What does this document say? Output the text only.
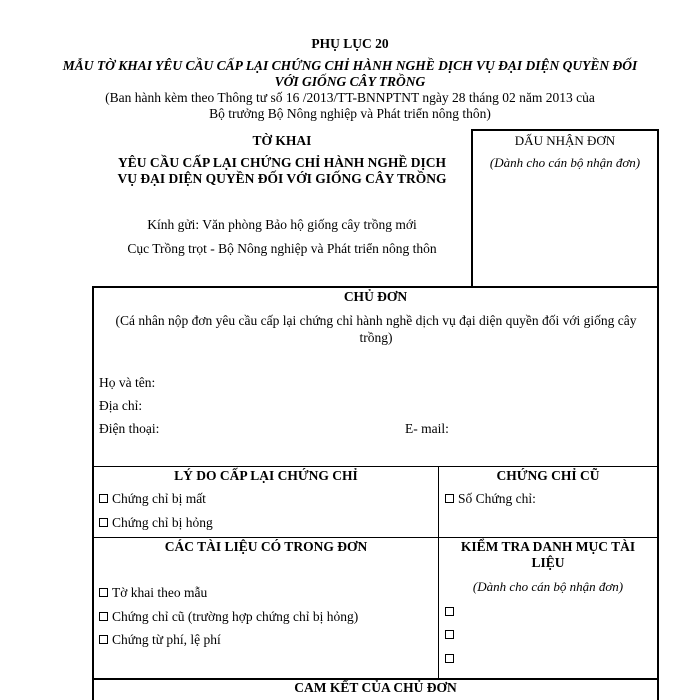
PHỤ LỤC 20
MẪU TỜ KHAI YÊU CẦU CẤP LẠI CHỨNG CHỈ HÀNH NGHỀ DỊCH VỤ ĐẠI DIỆN QUYỀN ĐỐI VỚI GIỐNG CÂY TRỒNG
(Ban hành kèm theo Thông tư số 16 /2013/TT-BNNPTNT ngày 28 tháng 02 năm 2013 của
Bộ trưởng Bộ Nông nghiệp và Phát triển nông thôn)
DẤU NHẬN ĐƠN
(Dành cho cán bộ nhận đơn)
TỜ KHAI
YÊU CẦU CẤP LẠI CHỨNG CHỈ HÀNH NGHỀ DỊCH
VỤ ĐẠI DIỆN QUYỀN ĐỐI VỚI GIỐNG CÂY TRỒNG
Kính gửi: Văn phòng Bảo hộ giống cây trồng mới
Cục Trồng trọt - Bộ Nông nghiệp và Phát triển nông thôn
CHỦ ĐƠN
(Cá nhân nộp đơn yêu cầu cấp lại chứng chỉ hành nghề dịch vụ đại diện quyền đối với giống cây trồng)
Họ và tên:
Địa chỉ:
Điện thoại:	E- mail:
LÝ DO CẤP LẠI CHỨNG CHỈ
Chứng chỉ bị mất
Chứng chỉ bị hỏng
CHỨNG CHỈ CŨ
Số Chứng chỉ:
CÁC TÀI LIỆU CÓ TRONG ĐƠN
Tờ khai theo mẫu
Chứng chỉ cũ (trường hợp chứng chỉ bị hỏng)
Chứng từ phí, lệ phí
KIỂM TRA DANH MỤC TÀI LIỆU
(Dành cho cán bộ nhận đơn)
CAM KẾT CỦA CHỦ ĐƠN
